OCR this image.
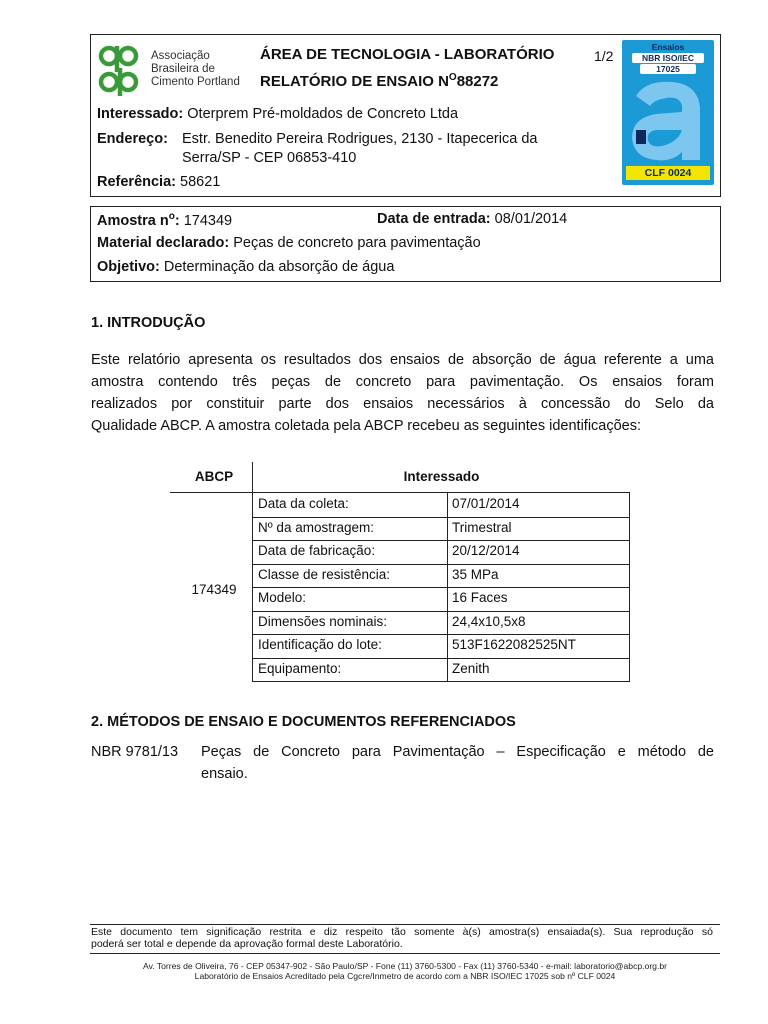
Associação
Brasileira de
Cimento Portland
ÁREA DE TECNOLOGIA - LABORATÓRIO
RELATÓRIO DE ENSAIO $N^O88272$
1/2
Ensaios
NBR ISO/IEC
17025
CLF 0024
Interessado: Oterprem Pré-moldados de Concreto Ltda
Endereço: Estr. Benedito Pereira Rodrigues, 2130 - Itapecerica da
Serra/SP - CEP 06853-410
Referência: 58621
Amostra $n^o$: 174349	Data de entrada: 08/01/2014
Material declarado: Peças de concreto para pavimentação
Objetivo: Determinação da absorção de água
1. INTRODUÇÃO
Este relatório apresenta os resultados dos ensaios de absorção de água referente a uma
amostra contendo três peças de concreto para pavimentação. Os ensaios foram
realizados por constituir parte dos ensaios necessários à concessão do Selo da
Qualidade ABCP. A amostra coletada pela ABCP recebeu as seguintes identificações:
ABCP	Interessado
174349
Data da coleta:	07/01/2014
Nº da amostragem:	Trimestral
Data de fabricação:	20/12/2014
Classe de resistência:	35 MPa
Modelo:	16 Faces
Dimensões nominais:	24,4x10,5x8
Identificação do lote:	513F1622082525NT
Equipamento:	Zenith
2. MÉTODOS DE ENSAIO E DOCUMENTOS REFERENCIADOS
NBR 9781/13 Peças de Concreto para Pavimentação – Especificação e método de
ensaio.
Este documento tem significação restrita e diz respeito tão somente à(s) amostra(s) ensaiada(s). Sua reprodução só
poderá ser total e depende da aprovação formal deste Laboratório.
Av. Torres de Oliveira, 76 - CEP 05347-902 - São Paulo/SP - Fone (11) 3760-5300 - Fax (11) 3760-5340 - e-mail: laboratorio@abcp.org.br
Laboratório de Ensaios Acreditado pela Cgcre/Inmetro de acordo com a NBR ISO/IEC 17025 sob nº CLF 0024
